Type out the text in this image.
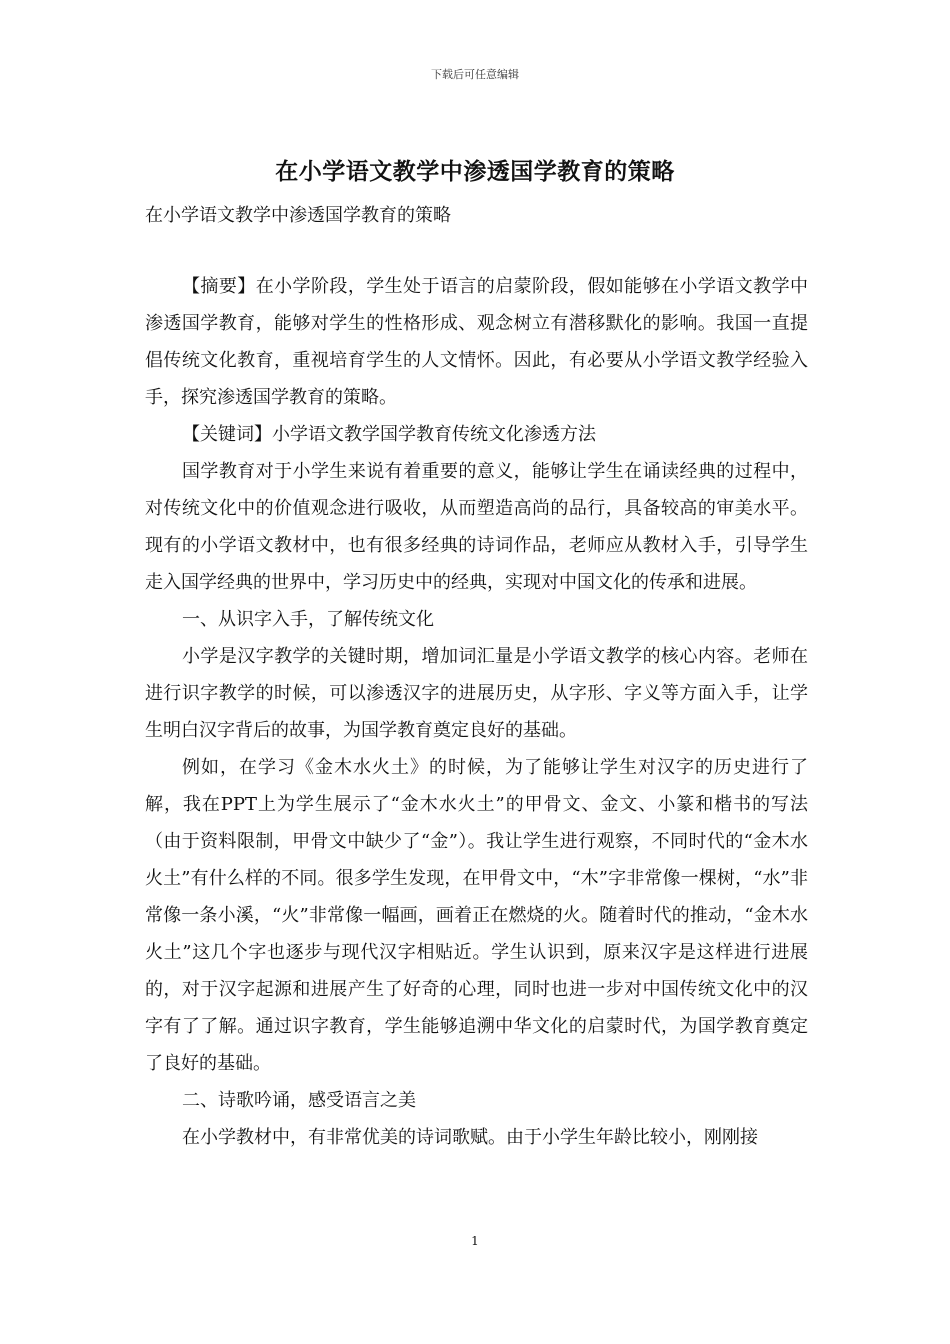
下载后可任意编辑
在小学语文教学中渗透国学教育的策略
在小学语文教学中渗透国学教育的策略

【摘要】在小学阶段，学生处于语言的启蒙阶段，假如能够在小学语文教学中渗透国学教育，能够对学生的性格形成、观念树立有潜移默化的影响。我国一直提倡传统文化教育，重视培育学生的人文情怀。因此，有必要从小学语文教学经验入手，探究渗透国学教育的策略。

【关键词】小学语文教学国学教育传统文化渗透方法

国学教育对于小学生来说有着重要的意义，能够让学生在诵读经典的过程中，对传统文化中的价值观念进行吸收，从而塑造高尚的品行，具备较高的审美水平。现有的小学语文教材中，也有很多经典的诗词作品，老师应从教材入手，引导学生走入国学经典的世界中，学习历史中的经典，实现对中国文化的传承和进展。

一、从识字入手，了解传统文化

小学是汉字教学的关键时期，增加词汇量是小学语文教学的核心内容。老师在进行识字教学的时候，可以渗透汉字的进展历史，从字形、字义等方面入手，让学生明白汉字背后的故事，为国学教育奠定良好的基础。

例如，在学习《金木水火土》的时候，为了能够让学生对汉字的历史进行了解，我在PPT上为学生展示了“金木水火土”的甲骨文、金文、小篆和楷书的写法（由于资料限制，甲骨文中缺少了“金”）。我让学生进行观察，不同时代的“金木水火土”有什么样的不同。很多学生发现，在甲骨文中，“木”字非常像一棵树，“水”非常像一条小溪，“火”非常像一幅画，画着正在燃烧的火。随着时代的推动，“金木水火土”这几个字也逐步与现代汉字相贴近。学生认识到，原来汉字是这样进行进展的，对于汉字起源和进展产生了好奇的心理，同时也进一步对中国传统文化中的汉字有了了解。通过识字教育，学生能够追溯中华文化的启蒙时代，为国学教育奠定了良好的基础。

二、诗歌吟诵，感受语言之美

在小学教材中，有非常优美的诗词歌赋。由于小学生年龄比较小，刚刚接

1
